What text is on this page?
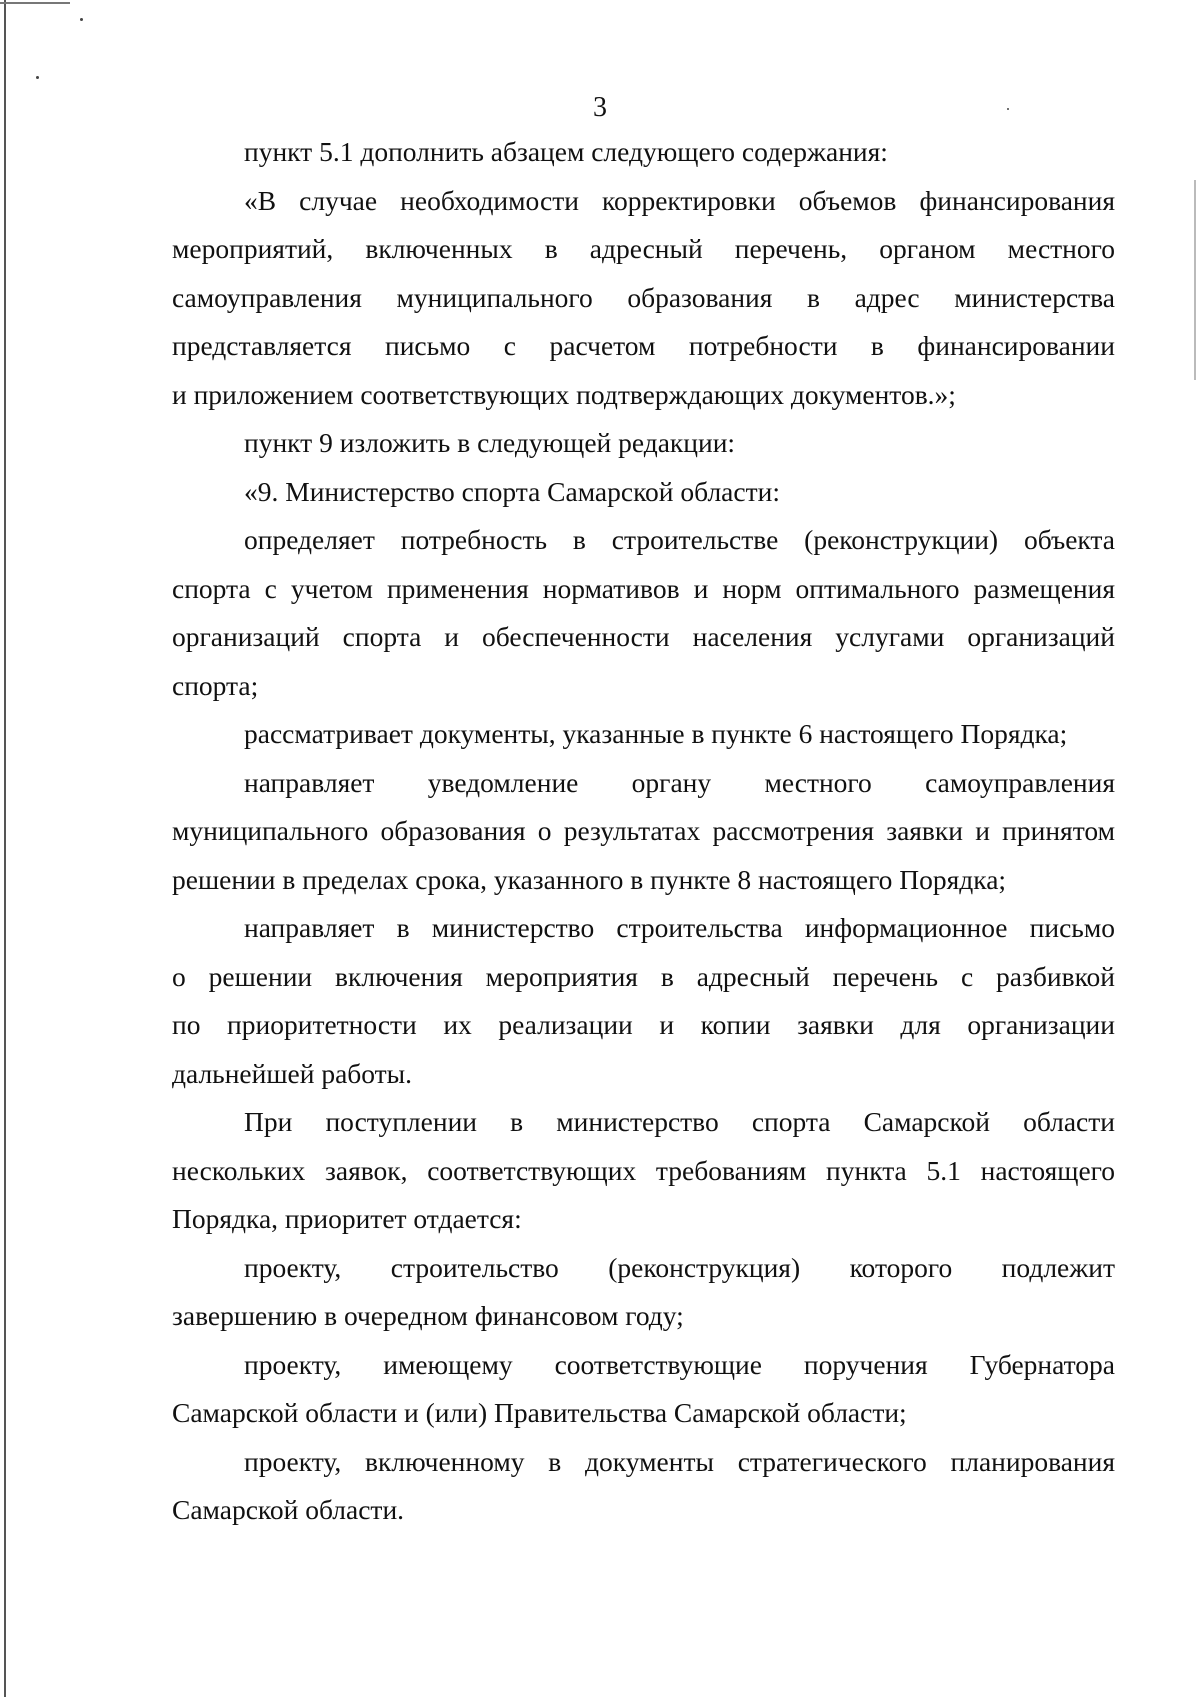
3
пункт 5.1 дополнить абзацем следующего содержания:
«В случае необходимости корректировки объемов финансирования
мероприятий, включенных в адресный перечень, органом местного
самоуправления муниципального образования в адрес министерства
представляется письмо с расчетом потребности в финансировании
и приложением соответствующих подтверждающих документов.»;
пункт 9 изложить в следующей редакции:
«9. Министерство спорта Самарской области:
определяет потребность в строительстве (реконструкции) объекта
спорта с учетом применения нормативов и норм оптимального размещения
организаций спорта и обеспеченности населения услугами организаций
спорта;
рассматривает документы, указанные в пункте 6 настоящего Порядка;
направляет уведомление органу местного самоуправления
муниципального образования о результатах рассмотрения заявки и принятом
решении в пределах срока, указанного в пункте 8 настоящего Порядка;
направляет в министерство строительства информационное письмо
о решении включения мероприятия в адресный перечень с разбивкой
по приоритетности их реализации и копии заявки для организации
дальнейшей работы.
При поступлении в министерство спорта Самарской области
нескольких заявок, соответствующих требованиям пункта 5.1 настоящего
Порядка, приоритет отдается:
проекту, строительство (реконструкция) которого подлежит
завершению в очередном финансовом году;
проекту, имеющему соответствующие поручения Губернатора
Самарской области и (или) Правительства Самарской области;
проекту, включенному в документы стратегического планирования
Самарской области.
